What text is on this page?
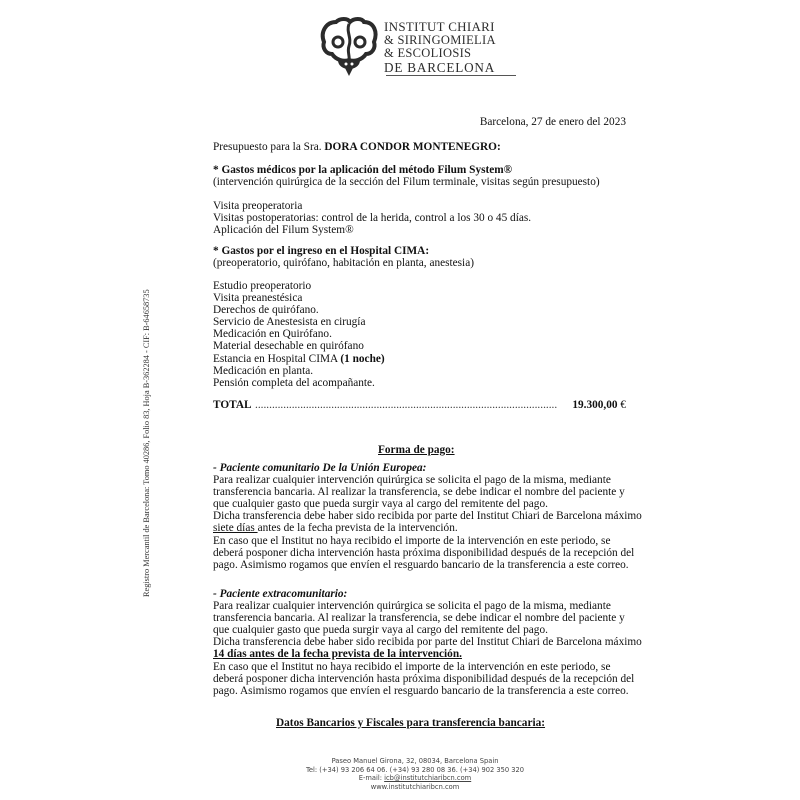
INSTITUT CHIARI
& SIRINGOMIELIA
& ESCOLIOSIS
DE BARCELONA
Registro Mercantil de Barcelona: Tomo 40286, Folio 83, Hoja B-362284 - CIF: B-64658735
Barcelona, 27 de enero del 2023
Presupuesto para la Sra. DORA CONDOR MONTENEGRO:
* Gastos médicos por la aplicación del método Filum System®
(intervención quirúrgica de la sección del Filum terminale, visitas según presupuesto)
Visita preoperatoria
Visitas postoperatorias: control de la herida, control a los 30 o 45 días.
Aplicación del Filum System®
* Gastos por el ingreso en el Hospital CIMA:
(preoperatorio, quirófano, habitación en planta, anestesia)
Estudio preoperatorio
Visita preanestésica
Derechos de quirófano.
Servicio de Anestesista en cirugía
Medicación en Quirófano.
Material desechable en quirófano
Estancia en Hospital CIMA (1 noche)
Medicación en planta.
Pensión completa del acompañante.
TOTAL ...........................................................................................................	19.300,00 €
Forma de pago:
- Paciente comunitario De la Unión Europea:
Para realizar cualquier intervención quirúrgica se solicita el pago de la misma, mediante
transferencia bancaria. Al realizar la transferencia, se debe indicar el nombre del paciente y
que cualquier gasto que pueda surgir vaya al cargo del remitente del pago.
Dicha transferencia debe haber sido recibida por parte del Institut Chiari de Barcelona máximo
siete días antes de la fecha prevista de la intervención.
En caso que el Institut no haya recibido el importe de la intervención en este periodo, se
deberá posponer dicha intervención hasta próxima disponibilidad después de la recepción del
pago. Asimismo rogamos que envíen el resguardo bancario de la transferencia a este correo.
- Paciente extracomunitario:
Para realizar cualquier intervención quirúrgica se solicita el pago de la misma, mediante
transferencia bancaria. Al realizar la transferencia, se debe indicar el nombre del paciente y
que cualquier gasto que pueda surgir vaya al cargo del remitente del pago.
Dicha transferencia debe haber sido recibida por parte del Institut Chiari de Barcelona máximo
14 días antes de la fecha prevista de la intervención.
En caso que el Institut no haya recibido el importe de la intervención en este periodo, se
deberá posponer dicha intervención hasta próxima disponibilidad después de la recepción del
pago. Asimismo rogamos que envíen el resguardo bancario de la transferencia a este correo.
Datos Bancarios y Fiscales para transferencia bancaria:
Paseo Manuel Girona, 32, 08034, Barcelona Spain
Tel: (+34) 93 206 64 06. (+34) 93 280 08 36. (+34) 902 350 320
E-mail: icb@institutchiaribcn.com
www.institutchiaribcn.com
